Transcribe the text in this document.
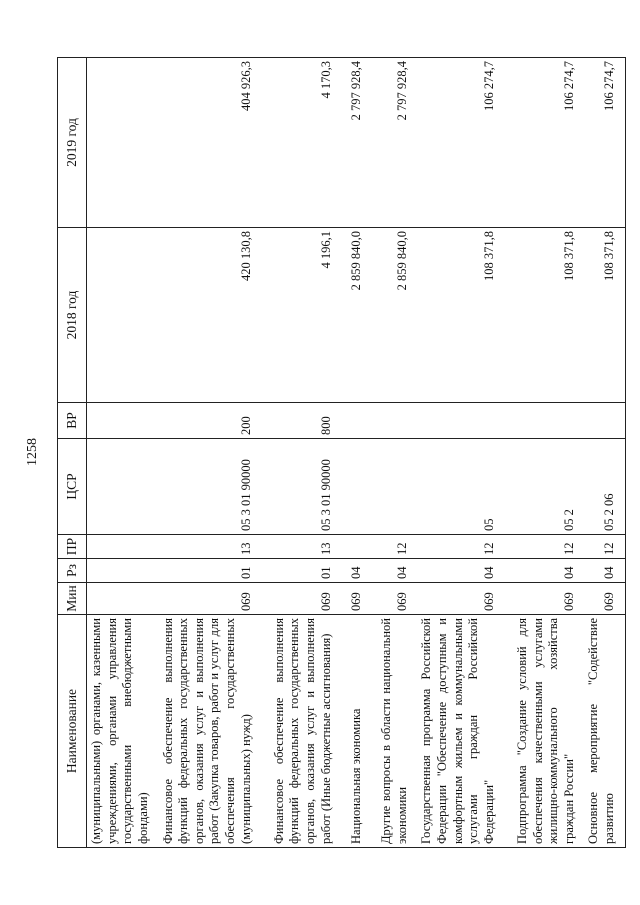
1258
Наименование	Мин	Рз	ПР	ЦСР	ВР	2018 год	2019 год
(муниципальными) органами, казенными учреждениями, органами управления государственными внебюджетными фондами)							
Финансовое обеспечение выполнения функций федеральных государственных органов, оказания услуг и выполнения работ (Закупка товаров, работ и услуг для обеспечения государственных (муниципальных) нужд)	069	01	13	05 3 01 90000	200	420 130,8	404 926,3
Финансовое обеспечение выполнения функций федеральных государственных органов, оказания услуг и выполнения работ (Иные бюджетные ассигнования)	069	01	13	05 3 01 90000	800	4 196,1	4 170,3
Национальная экономика	069	04				2 859 840,0	2 797 928,4
Другие вопросы в области национальной экономики	069	04	12			2 859 840,0	2 797 928,4
Государственная программа Российской Федерации "Обеспечение доступным и комфортным жильем и коммунальными услугами граждан Российской Федерации"	069	04	12	05		108 371,8	106 274,7
Подпрограмма "Создание условий для обеспечения качественными услугами жилищно-коммунального хозяйства граждан России"	069	04	12	05 2		108 371,8	106 274,7
Основное мероприятие "Содействие развитию	069	04	12	05 2 06		108 371,8	106 274,7
